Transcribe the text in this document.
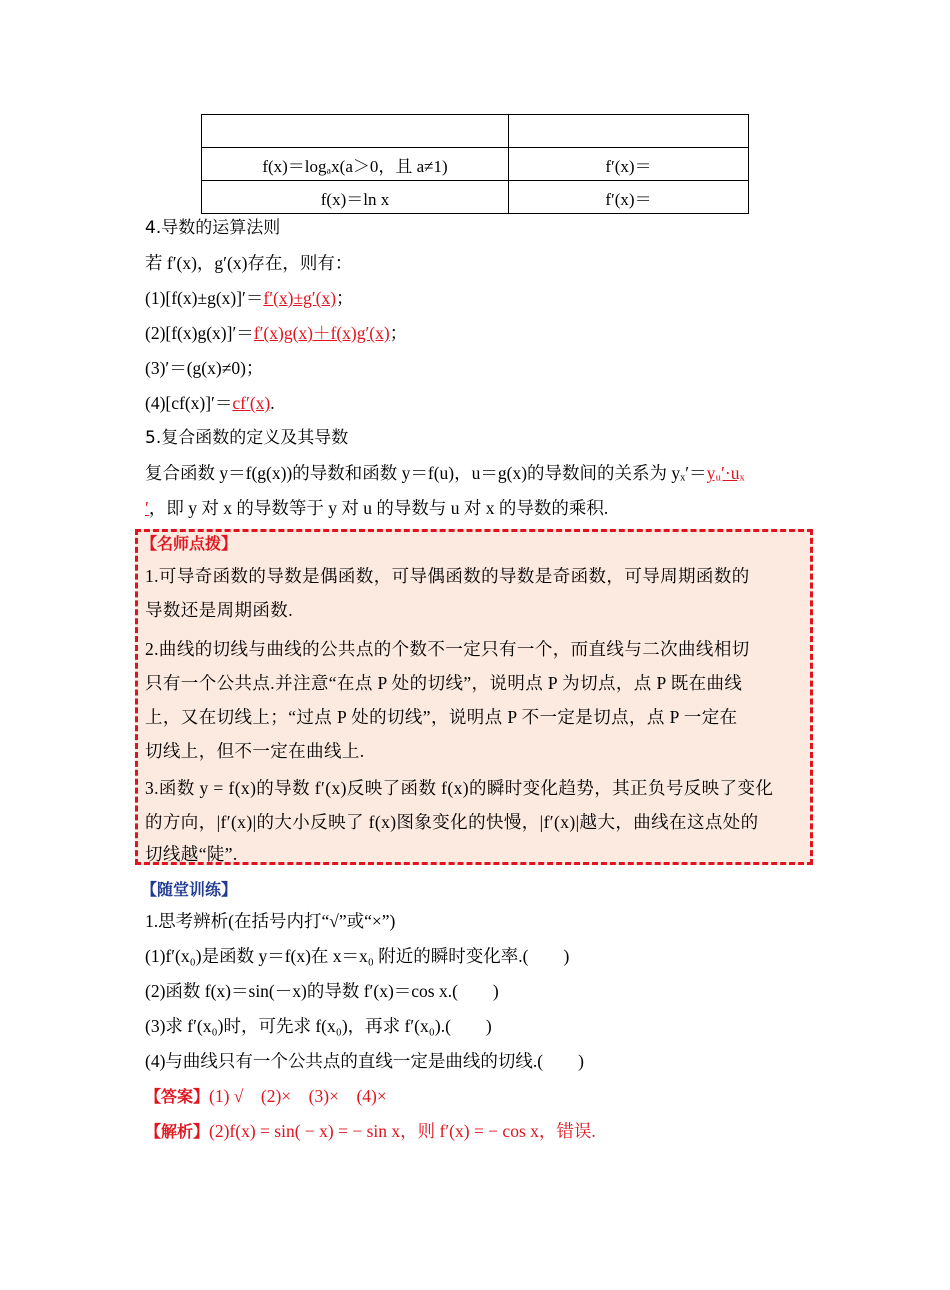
f(x)＝logₐx(a＞0，且 a≠1)	f′(x)＝
f(x)＝ln x	f′(x)＝
4.导数的运算法则
若 f′(x)，g′(x)存在，则有：
(1)[f(x)±g(x)]′＝f′(x)±g′(x)；
(2)[f(x)g(x)]′＝f′(x)g(x)＋f(x)g′(x)；
(3)′＝(g(x)≠0)；
(4)[cf(x)]′＝cf′(x).
5.复合函数的定义及其导数
复合函数 y＝f(g(x))的导数和函数 y＝f(u)，u＝g(x)的导数间的关系为 yₓ′＝yᵤ′·uₓ
′，即 y 对 x 的导数等于 y 对 u 的导数与 u 对 x 的导数的乘积.
【名师点拨】
1.可导奇函数的导数是偶函数，可导偶函数的导数是奇函数，可导周期函数的
导数还是周期函数.
2.曲线的切线与曲线的公共点的个数不一定只有一个，而直线与二次曲线相切
只有一个公共点.并注意“在点 P 处的切线”，说明点 P 为切点，点 P 既在曲线
上，又在切线上；“过点 P 处的切线”，说明点 P 不一定是切点，点 P 一定在
切线上，但不一定在曲线上.
3.函数 y = f(x)的导数 f′(x)反映了函数 f(x)的瞬时变化趋势，其正负号反映了变化
的方向，|f′(x)|的大小反映了 f(x)图象变化的快慢，|f′(x)|越大，曲线在这点处的
切线越“陡”.
【随堂训练】
1.思考辨析(在括号内打“√”或“×”)
(1)f′(x₀)是函数 y＝f(x)在 x＝x₀ 附近的瞬时变化率.(　　)
(2)函数 f(x)＝sin(－x)的导数 f′(x)＝cos x.(　　)
(3)求 f′(x₀)时，可先求 f(x₀)，再求 f′(x₀).(　　)
(4)与曲线只有一个公共点的直线一定是曲线的切线.(　　)
【答案】(1) √　(2)×　(3)×　(4)×
【解析】(2)f(x) = sin( − x) = − sin x，则 f′(x) = − cos x，错误.
